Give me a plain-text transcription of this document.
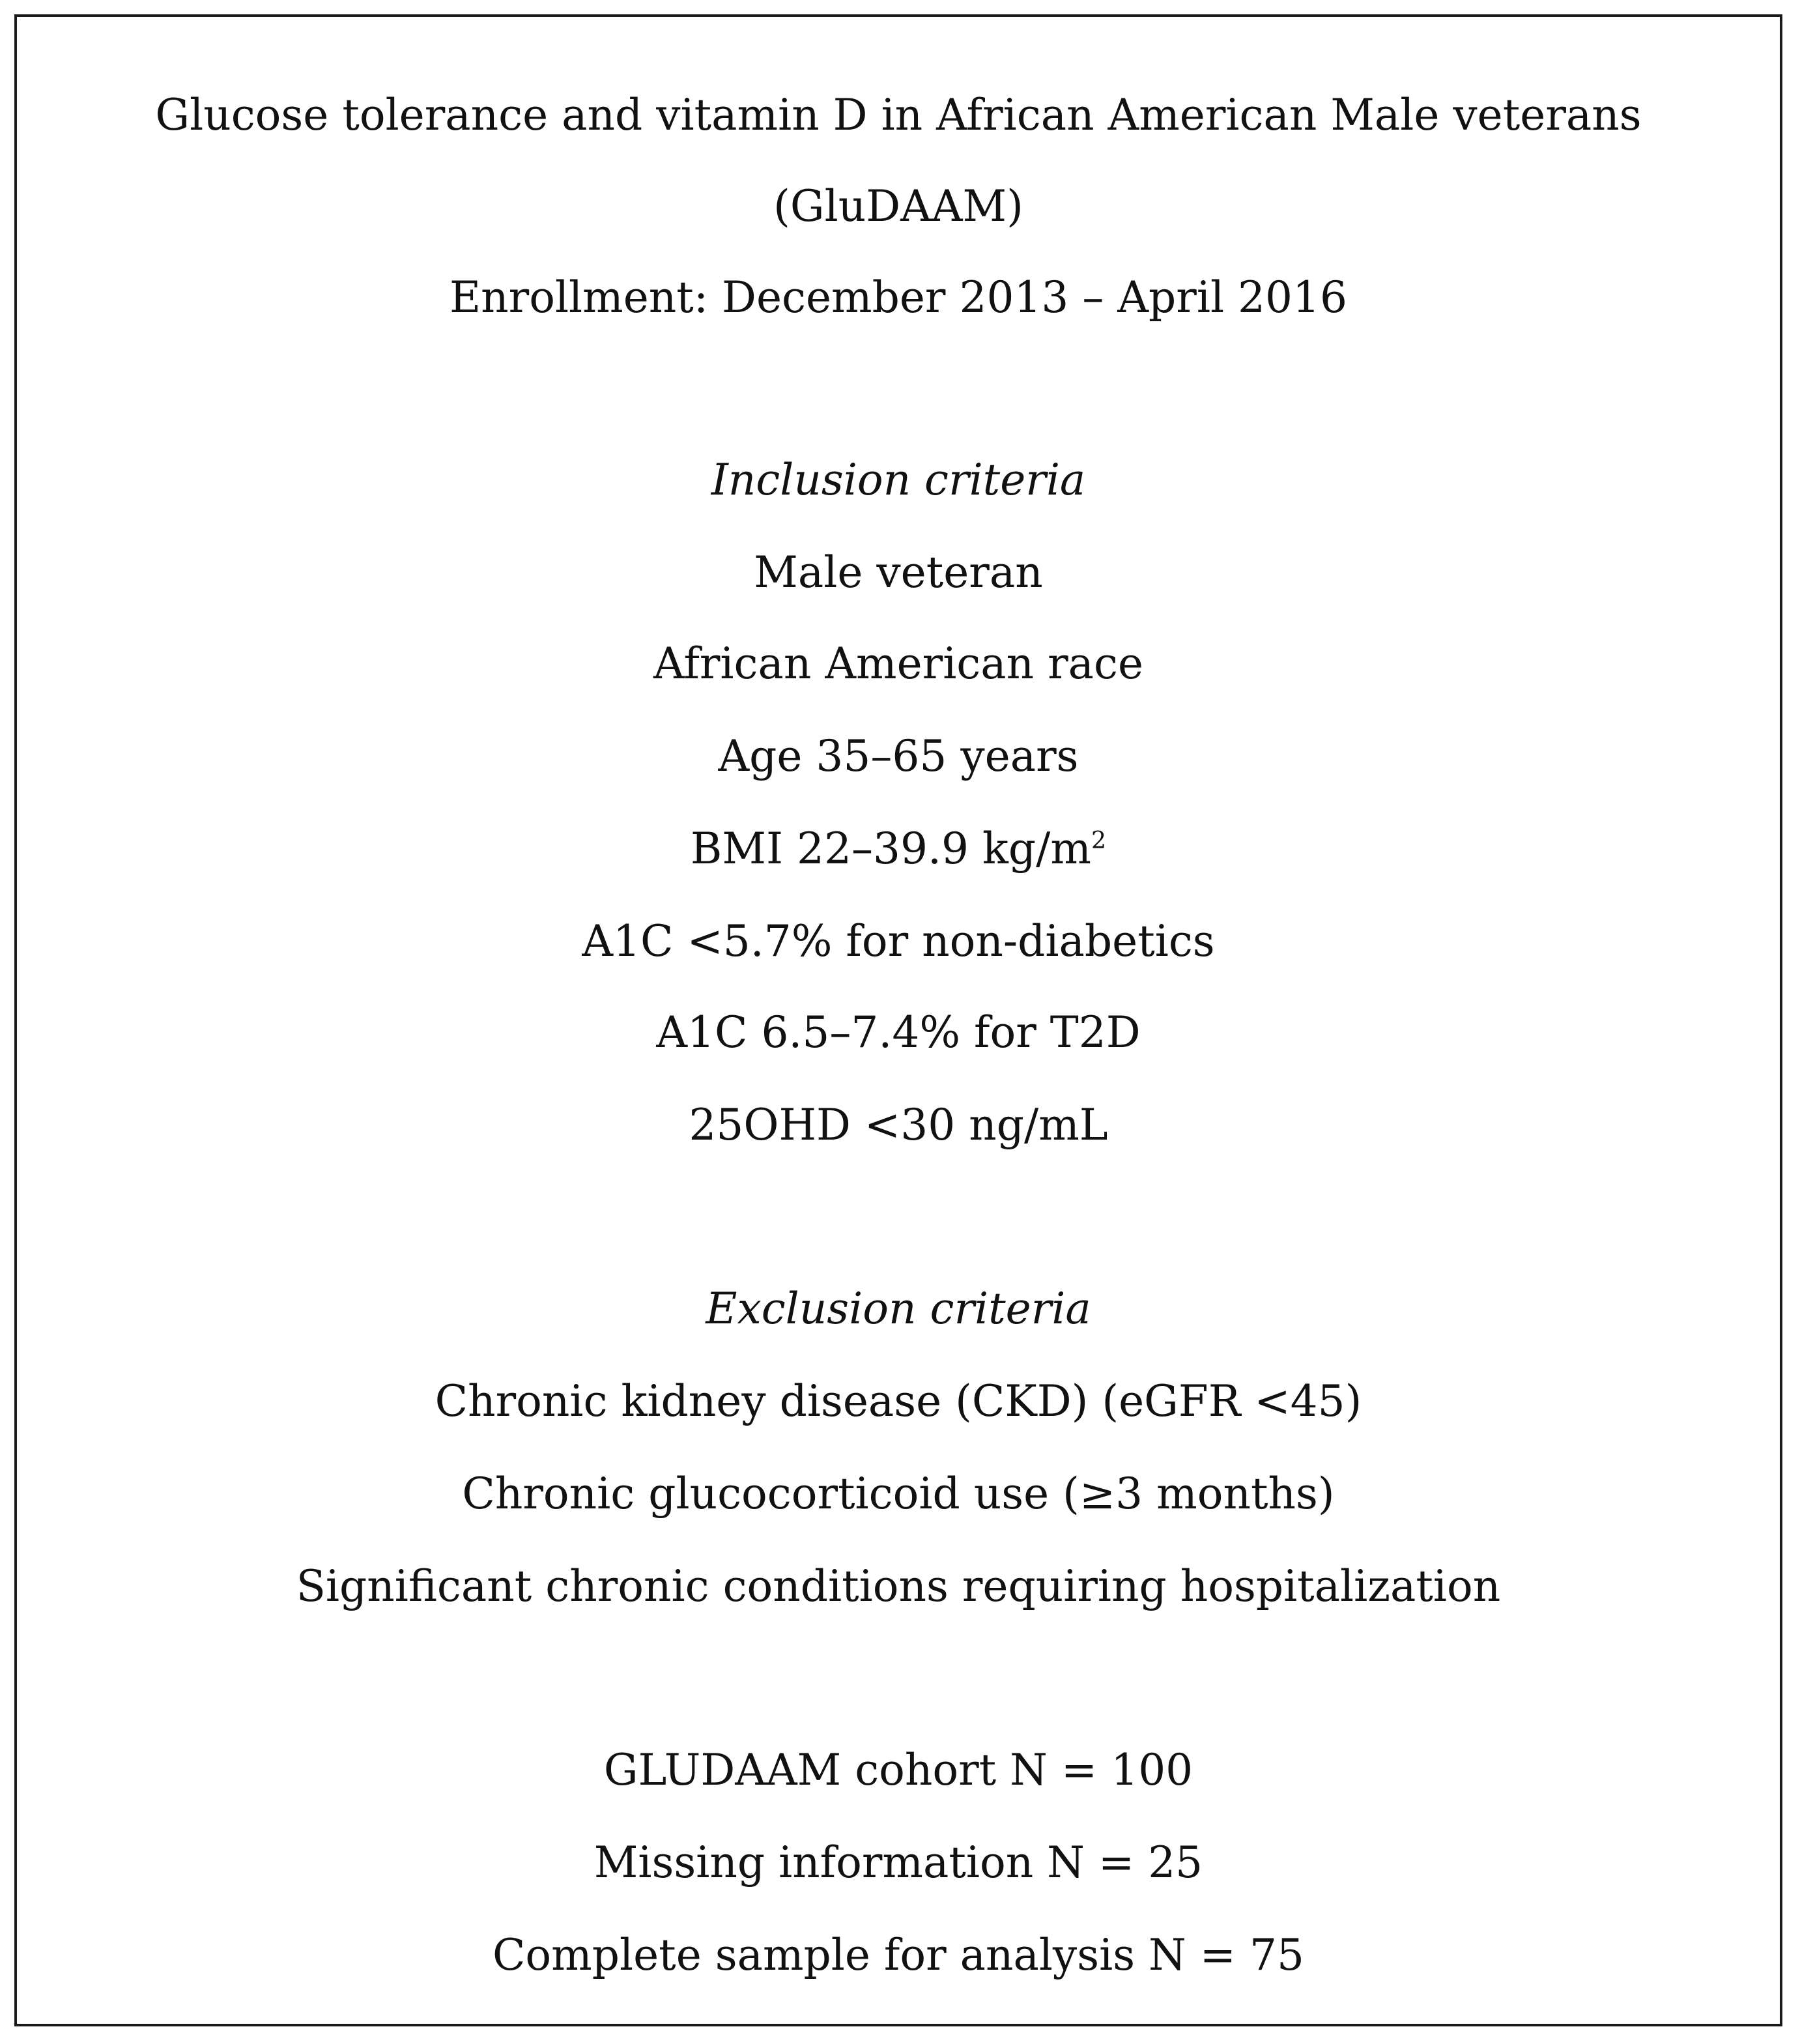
Glucose tolerance and vitamin D in African American Male veterans
(GluDAAM)
Enrollment: December 2013 – April 2016
Inclusion criteria
Male veteran
African American race
Age 35–65 years
BMI 22–39.9 $kg/m^2$
A1C <5.7% for non-diabetics
A1C 6.5–7.4% for T2D
25OHD <30 ng/mL
Exclusion criteria
Chronic kidney disease (CKD) (eGFR <45)
Chronic glucocorticoid use (≥3 months)
Significant chronic conditions requiring hospitalization
GLUDAAM cohort N = 100
Missing information N = 25
Complete sample for analysis N = 75
